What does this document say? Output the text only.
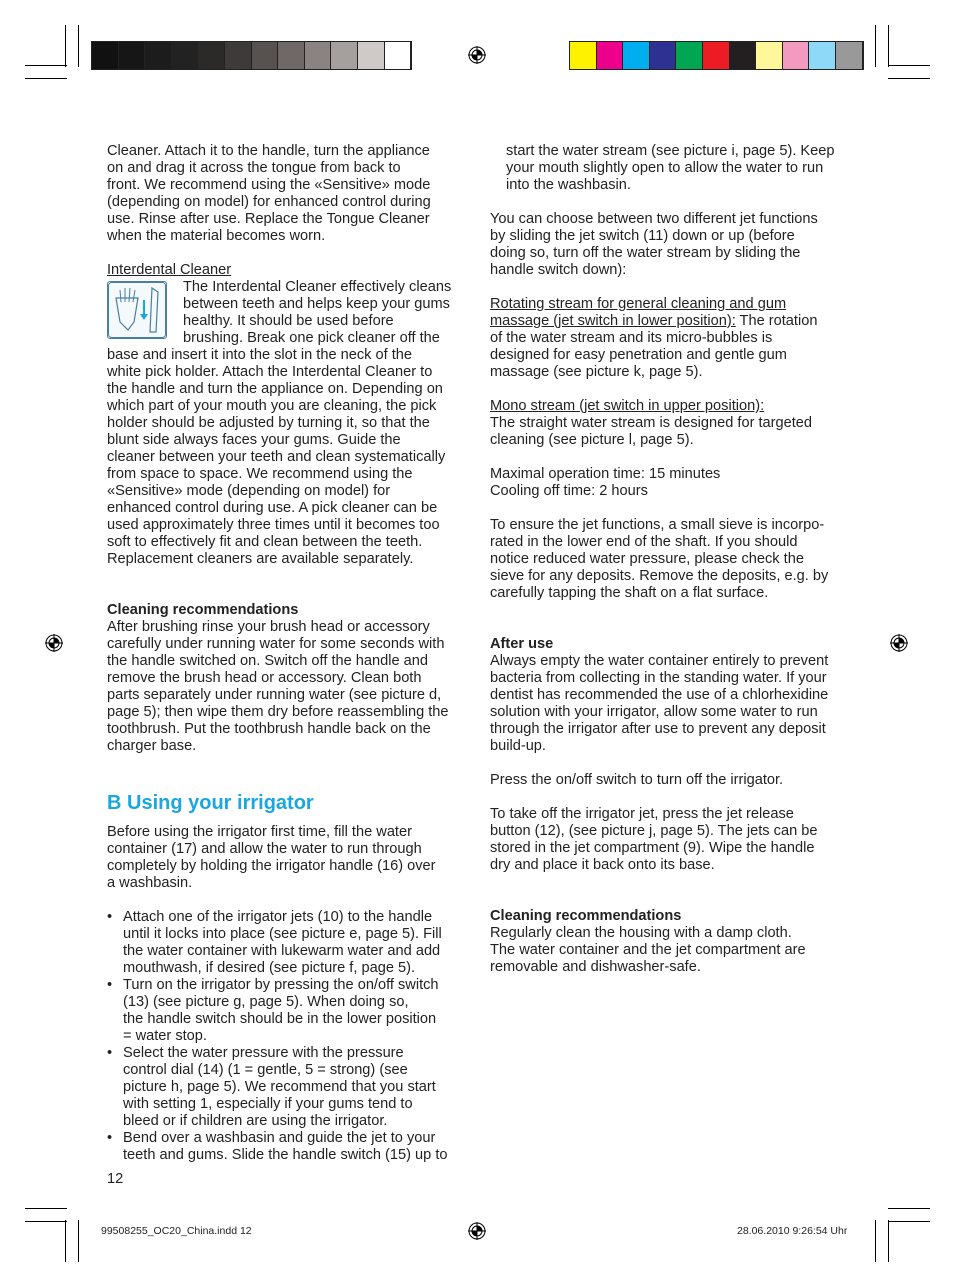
Cleaner. Attach it to the handle, turn the appliance
on and drag it across the tongue from back to
front. We recommend using the «Sensitive» mode
(depending on model) for enhanced control during
use. Rinse after use. Replace the Tongue Cleaner
when the material becomes worn.

Interdental Cleaner

The Interdental Cleaner effectively cleans
between teeth and helps keep your gums
healthy. It should be used before
brushing. Break one pick cleaner off the
base and insert it into the slot in the neck of the
white pick holder. Attach the Interdental Cleaner to
the handle and turn the appliance on. Depending on
which part of your mouth you are cleaning, the pick
holder should be adjusted by turning it, so that the
blunt side always faces your gums. Guide the
cleaner between your teeth and clean systematically
from space to space. We recommend using the
«Sensitive» mode (depending on model) for
enhanced control during use. A pick cleaner can be
used approximately three times until it becomes too
soft to effectively fit and clean between the teeth.
Replacement cleaners are available separately.

Cleaning recommendations

After brushing rinse your brush head or accessory
carefully under running water for some seconds with
the handle switched on. Switch off the handle and
remove the brush head or accessory. Clean both
parts separately under running water (see picture d,
page 5); then wipe them dry before reassembling the
toothbrush. Put the toothbrush handle back on the
charger base.

B Using your irrigator

Before using the irrigator first time, fill the water
container (17) and allow the water to run through
completely by holding the irrigator handle (16) over
a washbasin.

• Attach one of the irrigator jets (10) to the handle
until it locks into place (see picture e, page 5). Fill
the water container with lukewarm water and add
mouthwash, if desired (see picture f, page 5).
• Turn on the irrigator by pressing the on/off switch
(13) (see picture g, page 5). When doing so,
the handle switch should be in the lower position
= water stop.
• Select the water pressure with the pressure
control dial (14) (1 = gentle, 5 = strong) (see
picture h, page 5). We recommend that you start
with setting 1, especially if your gums tend to
bleed or if children are using the irrigator.
• Bend over a washbasin and guide the jet to your
teeth and gums. Slide the handle switch (15) up to

start the water stream (see picture i, page 5). Keep
your mouth slightly open to allow the water to run
into the washbasin.

You can choose between two different jet functions
by sliding the jet switch (11) down or up (before
doing so, turn off the water stream by sliding the
handle switch down):

Rotating stream for general cleaning and gum
massage (jet switch in lower position): The rotation
of the water stream and its micro-bubbles is
designed for easy penetration and gentle gum
massage (see picture k, page 5).

Mono stream (jet switch in upper position):

The straight water stream is designed for targeted
cleaning (see picture l, page 5).

Maximal operation time: 15 minutes
Cooling off time: 2 hours

To ensure the jet functions, a small sieve is incorpo-
rated in the lower end of the shaft. If you should
notice reduced water pressure, please check the
sieve for any deposits. Remove the deposits, e.g. by
carefully tapping the shaft on a flat surface.

After use

Always empty the water container entirely to prevent
bacteria from collecting in the standing water. If your
dentist has recommended the use of a chlorhexidine
solution with your irrigator, allow some water to run
through the irrigator after use to prevent any deposit
build-up.

Press the on/off switch to turn off the irrigator.

To take off the irrigator jet, press the jet release
button (12), (see picture j, page 5). The jets can be
stored in the jet compartment (9). Wipe the handle
dry and place it back onto its base.

Cleaning recommendations

Regularly clean the housing with a damp cloth.
The water container and the jet compartment are
removable and dishwasher-safe.

12
99508255_OC20_China.indd 12	28.06.2010 9:26:54 Uhr
